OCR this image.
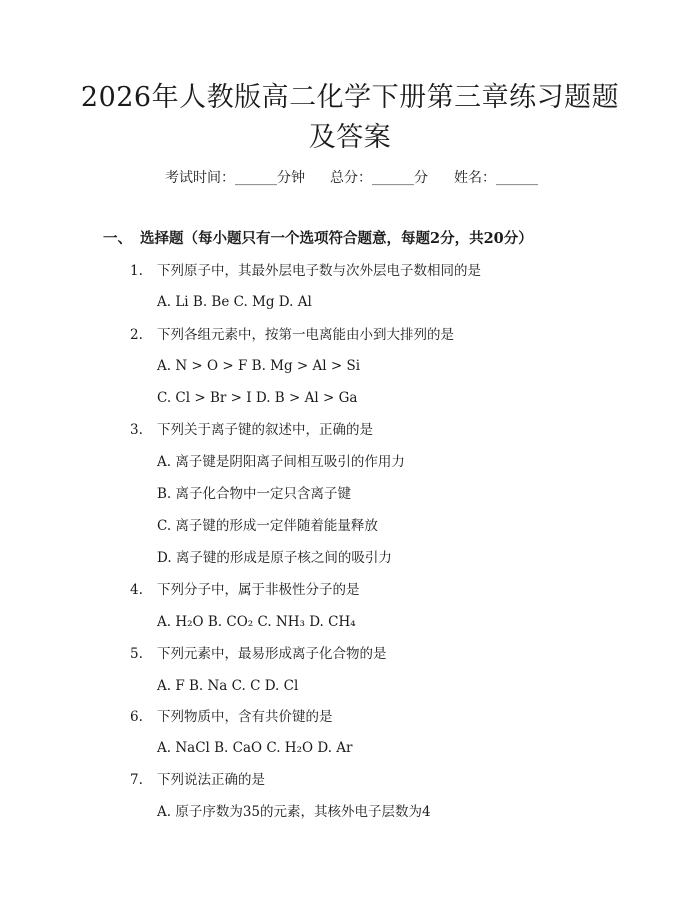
2026年人教版高二化学下册第三章练习题题
及答案
考试时间：______分钟 总分：______分 姓名：______
一、 选择题（每小题只有一个选项符合题意，每题2分，共20分）
1. 下列原子中，其最外层电子数与次外层电子数相同的是
A. Li B. Be C. Mg D. Al
2. 下列各组元素中，按第一电离能由小到大排列的是
A. N > O > F B. Mg > Al > Si
C. Cl > Br > I D. B > Al > Ga
3. 下列关于离子键的叙述中，正确的是
A. 离子键是阴阳离子间相互吸引的作用力
B. 离子化合物中一定只含离子键
C. 离子键的形成一定伴随着能量释放
D. 离子键的形成是原子核之间的吸引力
4. 下列分子中，属于非极性分子的是
A. H₂O B. CO₂ C. NH₃ D. CH₄
5. 下列元素中，最易形成离子化合物的是
A. F B. Na C. C D. Cl
6. 下列物质中，含有共价键的是
A. NaCl B. CaO C. H₂O D. Ar
7. 下列说法正确的是
A. 原子序数为35的元素，其核外电子层数为4
